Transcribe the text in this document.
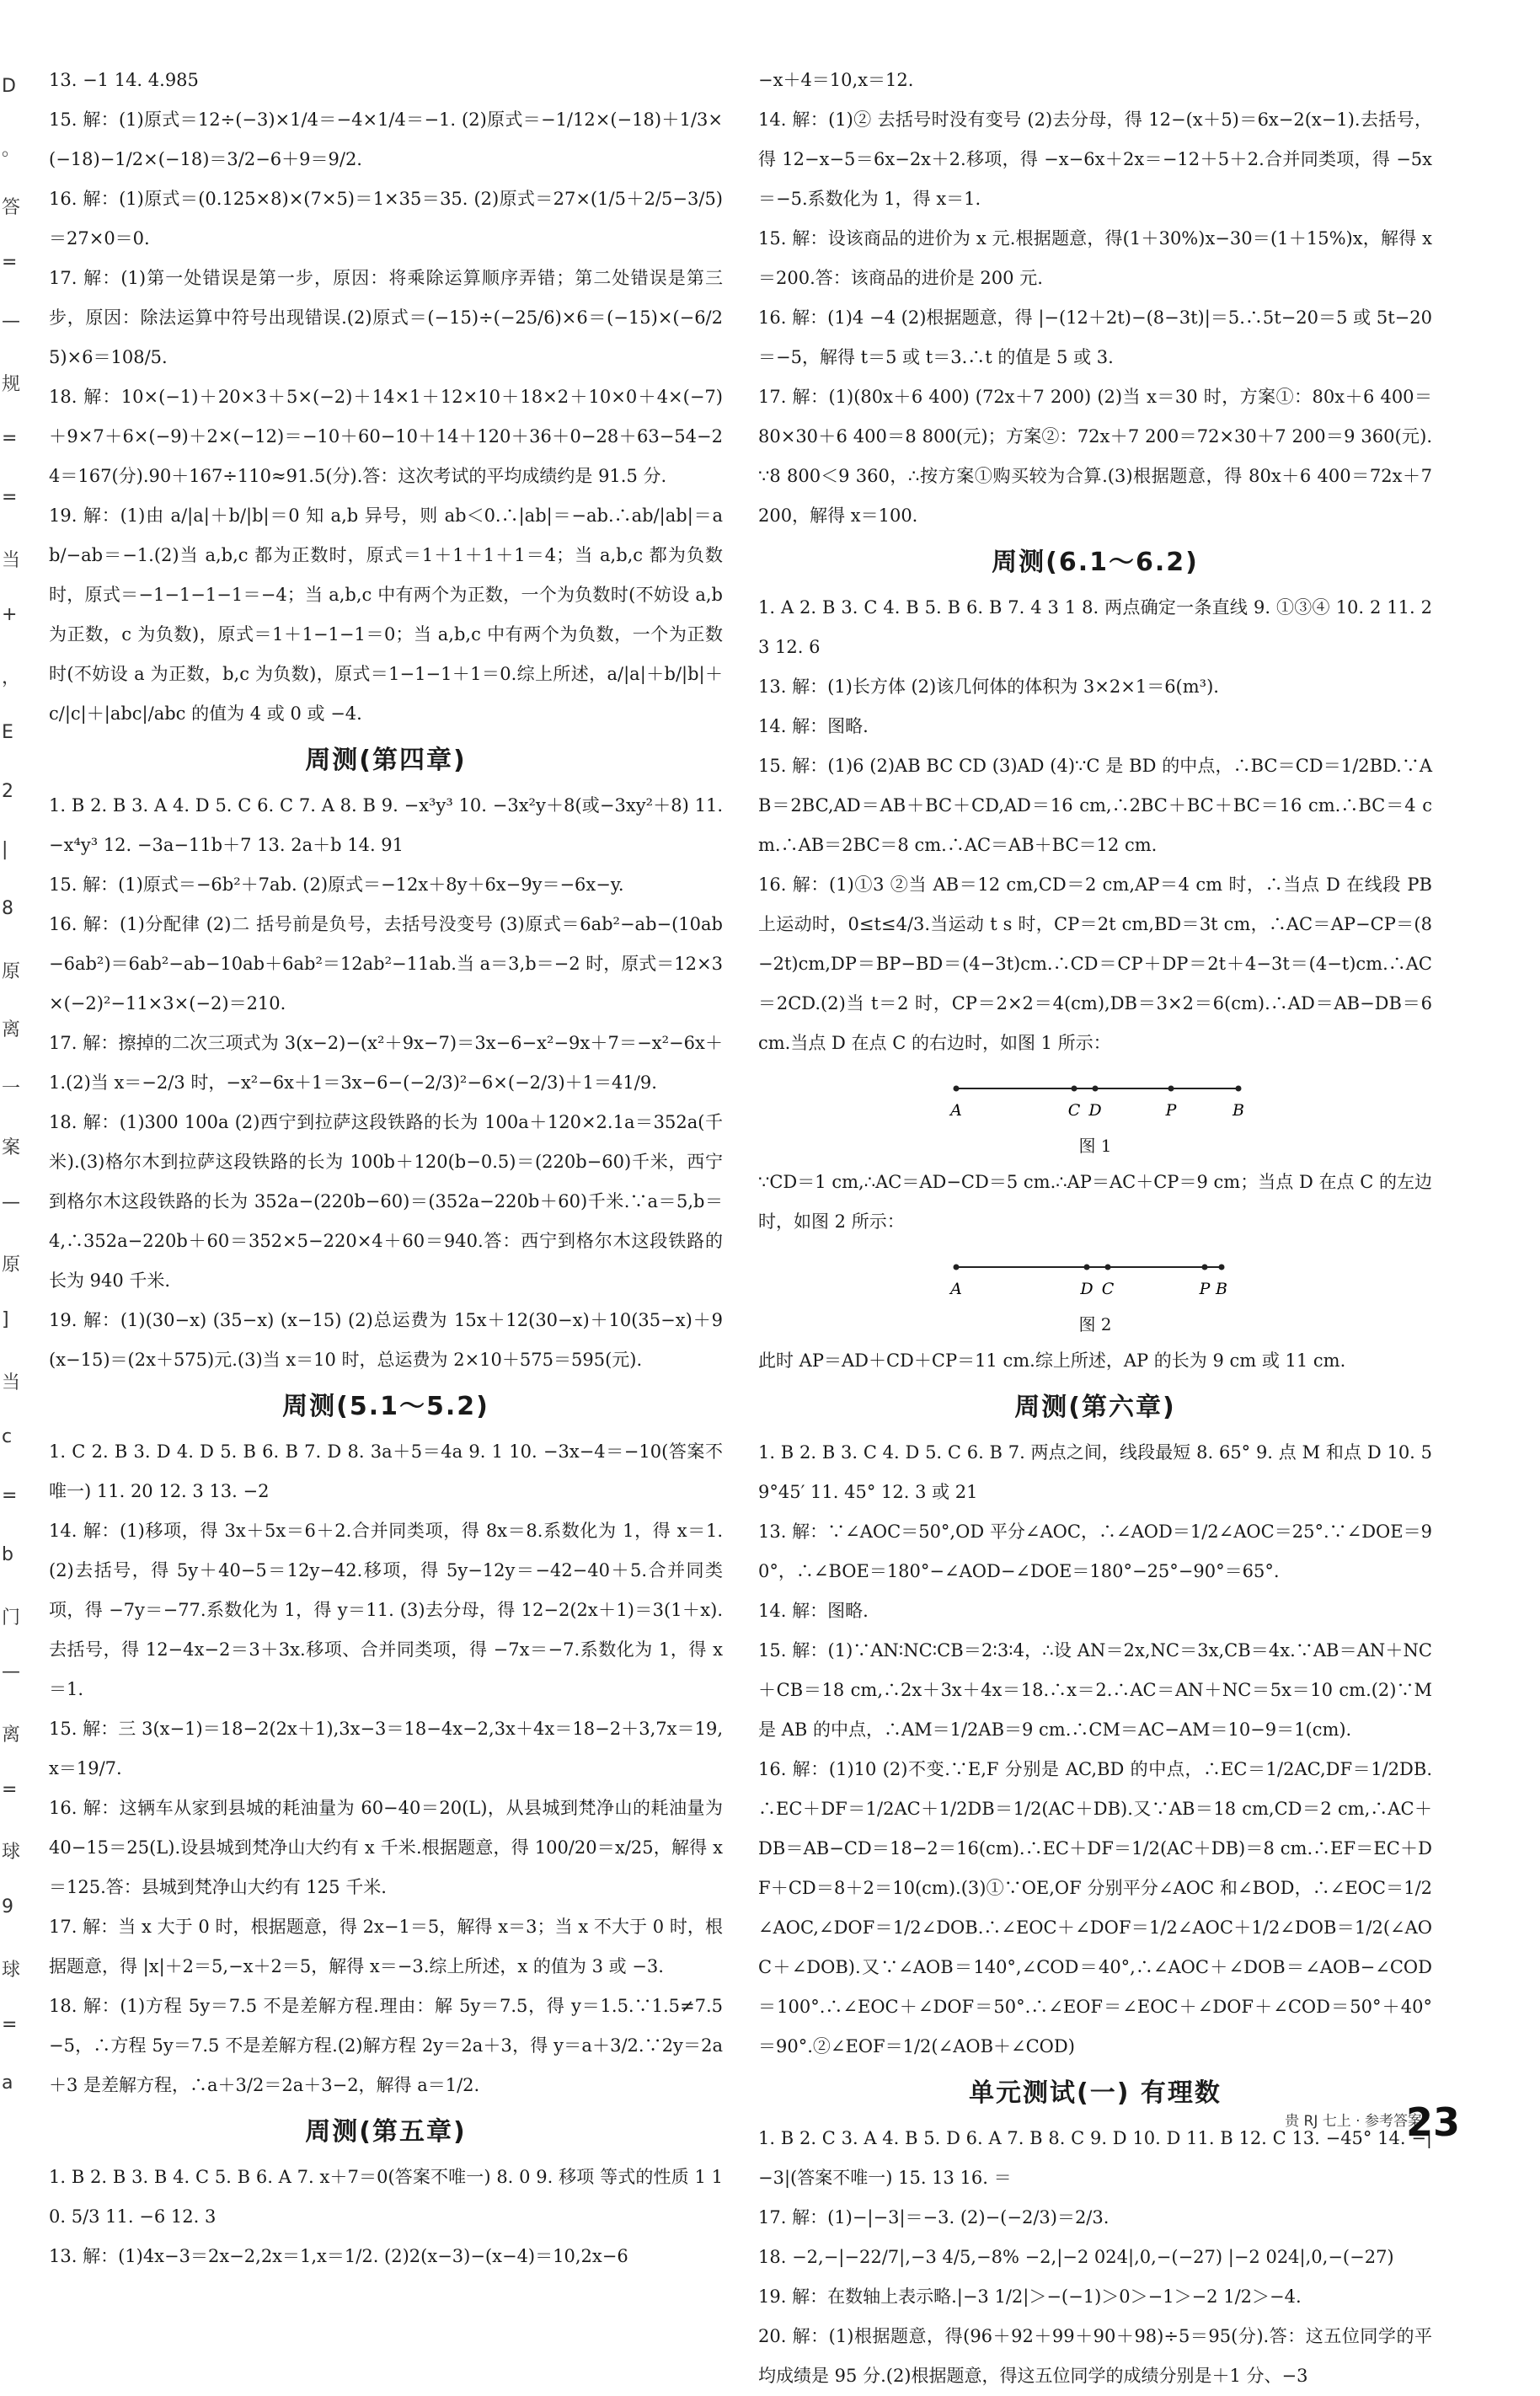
D
。
答
=
—
规
=
=
当
+
，
E
2
|
8
原
离
一
案
—
原
]
当
c
=
b
门
—
离
=
球
9
球
=
a

13. −1 14. 4.985

15. 解：(1)原式＝12÷(−3)×1/4＝−4×1/4＝−1. (2)原式＝−1/12×(−18)＋1/3×(−18)−1/2×(−18)＝3/2−6＋9＝9/2.

16. 解：(1)原式＝(0.125×8)×(7×5)＝1×35＝35. (2)原式＝27×(1/5＋2/5−3/5)＝27×0＝0.

17. 解：(1)第一处错误是第一步，原因：将乘除运算顺序弄错；第二处错误是第三步，原因：除法运算中符号出现错误.(2)原式＝(−15)÷(−25/6)×6＝(−15)×(−6/25)×6＝108/5.

18. 解：10×(−1)＋20×3＋5×(−2)＋14×1＋12×10＋18×2＋10×0＋4×(−7)＋9×7＋6×(−9)＋2×(−12)＝−10＋60−10＋14＋120＋36＋0−28＋63−54−24＝167(分).90＋167÷110≈91.5(分).答：这次考试的平均成绩约是 91.5 分.

19. 解：(1)由 a/|a|＋b/|b|＝0 知 a,b 异号，则 ab＜0.∴|ab|＝−ab.∴ab/|ab|＝ab/−ab＝−1.(2)当 a,b,c 都为正数时，原式＝1＋1＋1＋1＝4；当 a,b,c 都为负数时，原式＝−1−1−1−1＝−4；当 a,b,c 中有两个为正数，一个为负数时(不妨设 a,b 为正数，c 为负数)，原式＝1＋1−1−1＝0；当 a,b,c 中有两个为负数，一个为正数时(不妨设 a 为正数，b,c 为负数)，原式＝1−1−1＋1＝0.综上所述，a/|a|＋b/|b|＋c/|c|＋|abc|/abc 的值为 4 或 0 或 −4.

周测(第四章)

1. B 2. B 3. A 4. D 5. C 6. C 7. A 8. B 9. −x³y³ 10. −3x²y＋8(或−3xy²＋8) 11. −x⁴y³ 12. −3a−11b＋7 13. 2a＋b 14. 91

15. 解：(1)原式＝−6b²＋7ab. (2)原式＝−12x＋8y＋6x−9y＝−6x−y.

16. 解：(1)分配律 (2)二 括号前是负号，去括号没变号 (3)原式＝6ab²−ab−(10ab−6ab²)＝6ab²−ab−10ab＋6ab²＝12ab²−11ab.当 a＝3,b＝−2 时，原式＝12×3×(−2)²−11×3×(−2)＝210.

17. 解：擦掉的二次三项式为 3(x−2)−(x²＋9x−7)＝3x−6−x²−9x＋7＝−x²−6x＋1.(2)当 x＝−2/3 时，−x²−6x＋1＝3x−6−(−2/3)²−6×(−2/3)＋1＝41/9.

18. 解：(1)300 100a (2)西宁到拉萨这段铁路的长为 100a＋120×2.1a＝352a(千米).(3)格尔木到拉萨这段铁路的长为 100b＋120(b−0.5)＝(220b−60)千米，西宁到格尔木这段铁路的长为 352a−(220b−60)＝(352a−220b＋60)千米.∵a＝5,b＝4,∴352a−220b＋60＝352×5−220×4＋60＝940.答：西宁到格尔木这段铁路的长为 940 千米.

19. 解：(1)(30−x) (35−x) (x−15) (2)总运费为 15x＋12(30−x)＋10(35−x)＋9(x−15)＝(2x＋575)元.(3)当 x＝10 时，总运费为 2×10＋575＝595(元).

周测(5.1～5.2)

1. C 2. B 3. D 4. D 5. B 6. B 7. D 8. 3a＋5＝4a 9. 1 10. −3x−4＝−10(答案不唯一) 11. 20 12. 3 13. −2

14. 解：(1)移项，得 3x＋5x＝6＋2.合并同类项，得 8x＝8.系数化为 1，得 x＝1.(2)去括号，得 5y＋40−5＝12y−42.移项，得 5y−12y＝−42−40＋5.合并同类项，得 −7y＝−77.系数化为 1，得 y＝11. (3)去分母，得 12−2(2x＋1)＝3(1＋x).去括号，得 12−4x−2＝3＋3x.移项、合并同类项，得 −7x＝−7.系数化为 1，得 x＝1.

15. 解：三 3(x−1)＝18−2(2x＋1),3x−3＝18−4x−2,3x＋4x＝18−2＋3,7x＝19,x＝19/7.

16. 解：这辆车从家到县城的耗油量为 60−40＝20(L)，从县城到梵净山的耗油量为 40−15＝25(L).设县城到梵净山大约有 x 千米.根据题意，得 100/20＝x/25，解得 x＝125.答：县城到梵净山大约有 125 千米.

17. 解：当 x 大于 0 时，根据题意，得 2x−1＝5，解得 x＝3；当 x 不大于 0 时，根据题意，得 |x|＋2＝5,−x＋2＝5，解得 x＝−3.综上所述，x 的值为 3 或 −3.

18. 解：(1)方程 5y＝7.5 不是差解方程.理由：解 5y＝7.5，得 y＝1.5.∵1.5≠7.5−5，∴方程 5y＝7.5 不是差解方程.(2)解方程 2y＝2a＋3，得 y＝a＋3/2.∵2y＝2a＋3 是差解方程，∴a＋3/2＝2a＋3−2，解得 a＝1/2.

周测(第五章)

1. B 2. B 3. B 4. C 5. B 6. A 7. x＋7＝0(答案不唯一) 8. 0 9. 移项 等式的性质 1 10. 5/3 11. −6 12. 3

13. 解：(1)4x−3＝2x−2,2x＝1,x＝1/2. (2)2(x−3)−(x−4)＝10,2x−6

−x＋4＝10,x＝12.

14. 解：(1)② 去括号时没有变号 (2)去分母，得 12−(x＋5)＝6x−2(x−1).去括号，得 12−x−5＝6x−2x＋2.移项，得 −x−6x＋2x＝−12＋5＋2.合并同类项，得 −5x＝−5.系数化为 1，得 x＝1.

15. 解：设该商品的进价为 x 元.根据题意，得(1＋30%)x−30＝(1＋15%)x，解得 x＝200.答：该商品的进价是 200 元.

16. 解：(1)4 −4 (2)根据题意，得 |−(12＋2t)−(8−3t)|＝5.∴5t−20＝5 或 5t−20＝−5，解得 t＝5 或 t＝3.∴t 的值是 5 或 3.

17. 解：(1)(80x＋6 400) (72x＋7 200) (2)当 x＝30 时，方案①：80x＋6 400＝80×30＋6 400＝8 800(元)；方案②：72x＋7 200＝72×30＋7 200＝9 360(元).∵8 800＜9 360，∴按方案①购买较为合算.(3)根据题意，得 80x＋6 400＝72x＋7 200，解得 x＝100.

周测(6.1～6.2)

1. A 2. B 3. C 4. B 5. B 6. B 7. 4 3 1 8. 两点确定一条直线 9. ①③④ 10. 2 11. 23 12. 6

13. 解：(1)长方体 (2)该几何体的体积为 3×2×1＝6(m³).

14. 解：图略.

15. 解：(1)6 (2)AB BC CD (3)AD (4)∵C 是 BD 的中点，∴BC＝CD＝1/2BD.∵AB＝2BC,AD＝AB＋BC＋CD,AD＝16 cm,∴2BC＋BC＋BC＝16 cm.∴BC＝4 cm.∴AB＝2BC＝8 cm.∴AC＝AB＋BC＝12 cm.

16. 解：(1)①3 ②当 AB＝12 cm,CD＝2 cm,AP＝4 cm 时，∴当点 D 在线段 PB 上运动时，0≤t≤4/3.当运动 t s 时，CP＝2t cm,BD＝3t cm，∴AC＝AP−CP＝(8−2t)cm,DP＝BP−BD＝(4−3t)cm.∴CD＝CP＋DP＝2t＋4−3t＝(4−t)cm.∴AC＝2CD.(2)当 t＝2 时，CP＝2×2＝4(cm),DB＝3×2＝6(cm).∴AD＝AB−DB＝6 cm.当点 D 在点 C 的右边时，如图 1 所示：

A	C D	P	B
图 1

∵CD＝1 cm,∴AC＝AD−CD＝5 cm.∴AP＝AC＋CP＝9 cm；当点 D 在点 C 的左边时，如图 2 所示：

A	D C	P B
图 2

此时 AP＝AD＋CD＋CP＝11 cm.综上所述，AP 的长为 9 cm 或 11 cm.

周测(第六章)

1. B 2. B 3. C 4. D 5. C 6. B 7. 两点之间，线段最短 8. 65° 9. 点 M 和点 D 10. 59°45′ 11. 45° 12. 3 或 21

13. 解：∵∠AOC＝50°,OD 平分∠AOC，∴∠AOD＝1/2∠AOC＝25°.∵∠DOE＝90°，∴∠BOE＝180°−∠AOD−∠DOE＝180°−25°−90°＝65°.

14. 解：图略.

15. 解：(1)∵AN∶NC∶CB＝2∶3∶4，∴设 AN＝2x,NC＝3x,CB＝4x.∵AB＝AN＋NC＋CB＝18 cm,∴2x＋3x＋4x＝18.∴x＝2.∴AC＝AN＋NC＝5x＝10 cm.(2)∵M 是 AB 的中点，∴AM＝1/2AB＝9 cm.∴CM＝AC−AM＝10−9＝1(cm).

16. 解：(1)10 (2)不变.∵E,F 分别是 AC,BD 的中点，∴EC＝1/2AC,DF＝1/2DB.∴EC＋DF＝1/2AC＋1/2DB＝1/2(AC＋DB).又∵AB＝18 cm,CD＝2 cm,∴AC＋DB＝AB−CD＝18−2＝16(cm).∴EC＋DF＝1/2(AC＋DB)＝8 cm.∴EF＝EC＋DF＋CD＝8＋2＝10(cm).(3)①∵OE,OF 分别平分∠AOC 和∠BOD，∴∠EOC＝1/2∠AOC,∠DOF＝1/2∠DOB.∴∠EOC＋∠DOF＝1/2∠AOC＋1/2∠DOB＝1/2(∠AOC＋∠DOB).又∵∠AOB＝140°,∠COD＝40°,∴∠AOC＋∠DOB＝∠AOB−∠COD＝100°.∴∠EOC＋∠DOF＝50°.∴∠EOF＝∠EOC＋∠DOF＋∠COD＝50°＋40°＝90°.②∠EOF＝1/2(∠AOB＋∠COD)

单元测试(一) 有理数

1. B 2. C 3. A 4. B 5. D 6. A 7. B 8. C 9. D 10. D 11. B 12. C 13. −45° 14. −|−3|(答案不唯一) 15. 13 16. ＝

17. 解：(1)−|−3|＝−3. (2)−(−2/3)＝2/3.

18. −2,−|−22/7|,−3 4/5,−8% −2,|−2 024|,0,−(−27) |−2 024|,0,−(−27)

19. 解：在数轴上表示略.|−3 1/2|＞−(−1)＞0＞−1＞−2 1/2＞−4.

20. 解：(1)根据题意，得(96＋92＋99＋90＋98)÷5＝95(分).答：这五位同学的平均成绩是 95 分.(2)根据题意，得这五位同学的成绩分别是＋1 分、−3

贵 RJ 七上 · 参考答案
23
